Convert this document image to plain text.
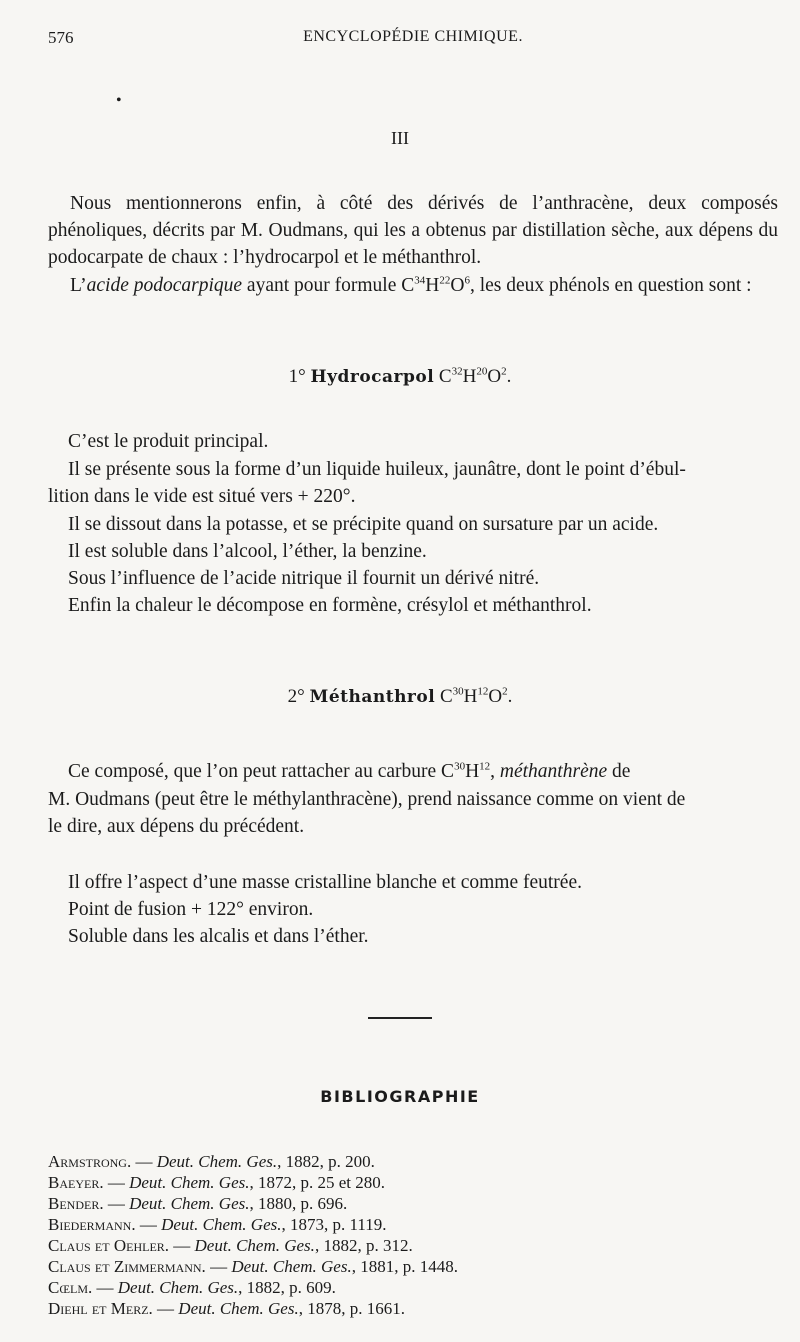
576	ENCYCLOPÉDIE CHIMIQUE.
•
III
Nous mentionnerons enfin, à côté des dérivés de l’anthracène, deux composés phénoliques, décrits par M. Oudmans, qui les a obtenus par distillation sèche, aux dépens du podocarpate de chaux : l’hydrocarpol et le méthanthrol.
L’acide podocarpique ayant pour formule $C^{34}H^{22}O^6$, les deux phénols en question sont :
1° Hydrocarpol $C^{32}H^{20}O^2$.
C’est le produit principal.
Il se présente sous la forme d’un liquide huileux, jaunâtre, dont le point d’ébul-
lition dans le vide est situé vers + 220°.
Il se dissout dans la potasse, et se précipite quand on sursature par un acide.
Il est soluble dans l’alcool, l’éther, la benzine.
Sous l’influence de l’acide nitrique il fournit un dérivé nitré.
Enfin la chaleur le décompose en formène, crésylol et méthanthrol.
2° Méthanthrol $C^{30}H^{12}O^2$.
Ce composé, que l’on peut rattacher au carbure $C^{30}H^{12}$, méthanthrène de
M. Oudmans (peut être le méthylanthracène), prend naissance comme on vient de
le dire, aux dépens du précédent.
Il offre l’aspect d’une masse cristalline blanche et comme feutrée.
Point de fusion + 122° environ.
Soluble dans les alcalis et dans l’éther.
BIBLIOGRAPHIE
Armstrong. — Deut. Chem. Ges., 1882, p. 200.
Baeyer. — Deut. Chem. Ges., 1872, p. 25 et 280.
Bender. — Deut. Chem. Ges., 1880, p. 696.
Biedermann. — Deut. Chem. Ges., 1873, p. 1119.
Claus et Oehler. — Deut. Chem. Ges., 1882, p. 312.
Claus et Zimmermann. — Deut. Chem. Ges., 1881, p. 1448.
Cœlm. — Deut. Chem. Ges., 1882, p. 609.
Diehl et Merz. — Deut. Chem. Ges., 1878, p. 1661.
